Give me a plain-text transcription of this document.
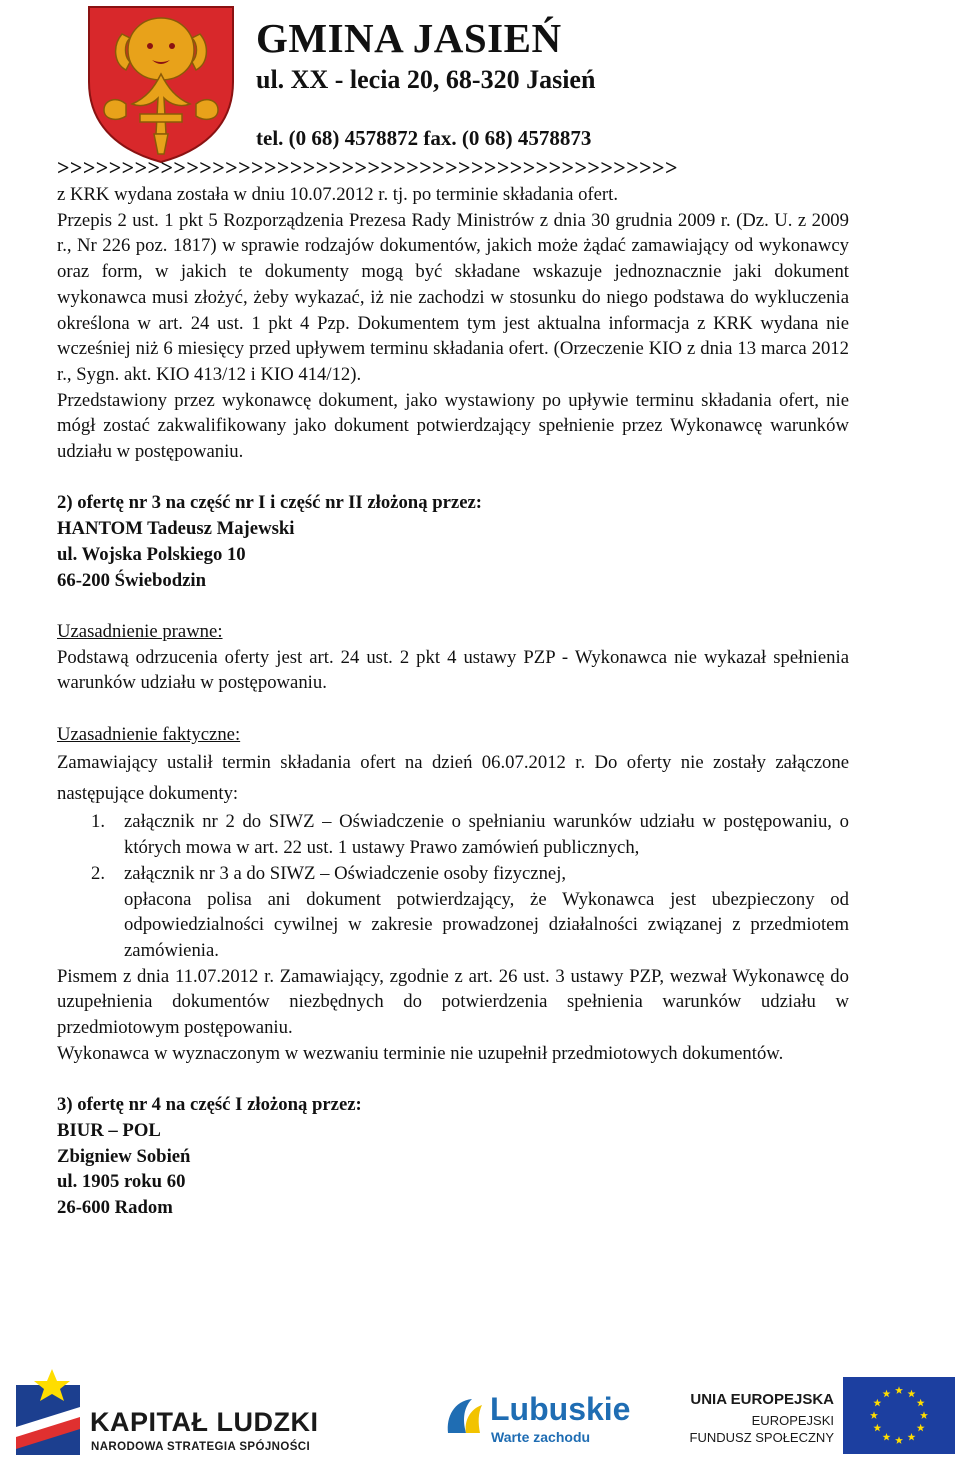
GMINA JASIEŃ
ul. XX - lecia 20, 68-320 Jasień
tel. (0 68) 4578872 fax. (0 68) 4578873
>>>>>>>>>>>>>>>>>>>>>>>>>>>>>>>>>>>>>>>>>>>>>>>>

z KRK wydana została w dniu 10.07.2012 r. tj. po terminie składania ofert.

Przepis 2 ust. 1 pkt 5 Rozporządzenia Prezesa Rady Ministrów z dnia 30 grudnia 2009 r. (Dz. U. z 2009 r., Nr 226 poz. 1817) w sprawie rodzajów dokumentów, jakich może żądać zamawiający od wykonawcy oraz form, w jakich te dokumenty mogą być składane wskazuje jednoznacznie jaki dokument wykonawca musi złożyć, żeby wykazać, iż nie zachodzi w stosunku do niego podstawa do wykluczenia określona w art. 24 ust. 1 pkt 4 Pzp. Dokumentem tym jest aktualna informacja z KRK wydana nie wcześniej niż 6 miesięcy przed upływem terminu składania ofert. (Orzeczenie KIO z dnia 13 marca 2012 r., Sygn. akt. KIO 413/12 i KIO 414/12).

Przedstawiony przez wykonawcę dokument, jako wystawiony po upływie terminu składania ofert, nie mógł zostać zakwalifikowany jako dokument potwierdzający spełnienie przez Wykonawcę warunków udziału w postępowaniu.

2) ofertę nr 3 na część nr I i część nr II złożoną przez:

HANTOM Tadeusz Majewski

ul. Wojska Polskiego 10

66-200 Świebodzin

Uzasadnienie prawne:

Podstawą odrzucenia oferty jest art. 24 ust. 2 pkt 4 ustawy PZP - Wykonawca nie wykazał spełnienia warunków udziału w postępowaniu.

Uzasadnienie faktyczne:

Zamawiający ustalił termin składania ofert na dzień 06.07.2012 r. Do oferty nie zostały załączone następujące dokumenty:

1. załącznik nr 2 do SIWZ – Oświadczenie o spełnianiu warunków udziału w postępowaniu, o których mowa w art. 22 ust. 1 ustawy Prawo zamówień publicznych,
2. załącznik nr 3 a do SIWZ – Oświadczenie osoby fizycznej,

opłacona polisa ani dokument potwierdzający, że Wykonawca jest ubezpieczony od odpowiedzialności cywilnej w zakresie prowadzonej działalności związanej z przedmiotem zamówienia.

Pismem z dnia 11.07.2012 r. Zamawiający, zgodnie z art. 26 ust. 3 ustawy PZP, wezwał Wykonawcę do uzupełnienia dokumentów niezbędnych do potwierdzenia spełnienia warunków udziału w przedmiotowym postępowaniu.

Wykonawca w wyznaczonym w wezwaniu terminie nie uzupełnił przedmiotowych dokumentów.

3) ofertę nr 4 na część I złożoną przez:

BIUR – POL

Zbigniew Sobień

ul. 1905 roku 60

26-600 Radom

KAPITAŁ LUDZKI
NARODOWA STRATEGIA SPÓJNOŚCI
Lubuskie
Warte zachodu
UNIA EUROPEJSKA
EUROPEJSKI
FUNDUSZ SPOŁECZNY
